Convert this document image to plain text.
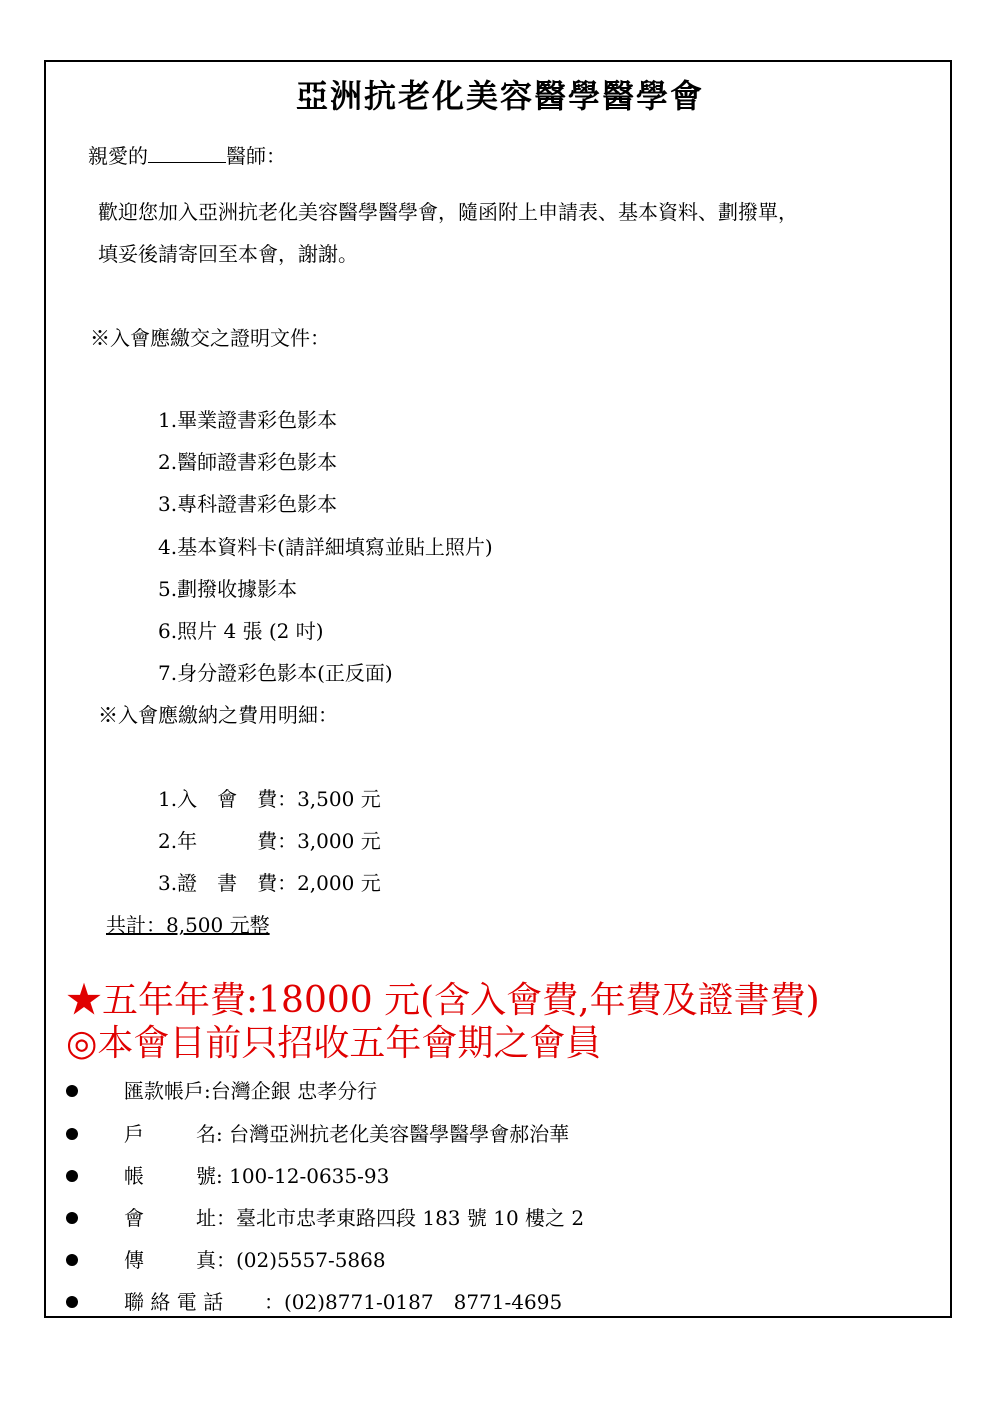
亞洲抗老化美容醫學醫學會
親愛的	醫師：
歡迎您加入亞洲抗老化美容醫學醫學會，隨函附上申請表、基本資料、劃撥單，
填妥後請寄回至本會，謝謝。
※入會應繳交之證明文件：
1.畢業證書彩色影本
2.醫師證書彩色影本
3.專科證書彩色影本
4.基本資料卡(請詳細填寫並貼上照片)
5.劃撥收據影本
6.照片 4 張 (2 吋)
7.身分證彩色影本(正反面)
※入會應繳納之費用明細：
1.入　會　費：3,500 元
2.年　　　費：3,000 元
3.證　書　費：2,000 元
共計：8,500 元整
★五年年費:18000 元(含入會費,年費及證書費)
◎本會目前只招收五年會期之會員
匯款帳戶:台灣企銀 忠孝分行
戶	名: 台灣亞洲抗老化美容醫學醫學會郝治華
帳	號: 100-12-0635-93
會	址：臺北市忠孝東路四段 183 號 10 樓之 2
傳	真：(02)5557-5868
聯 絡 電 話 ：(02)8771-0187　8771-4695
